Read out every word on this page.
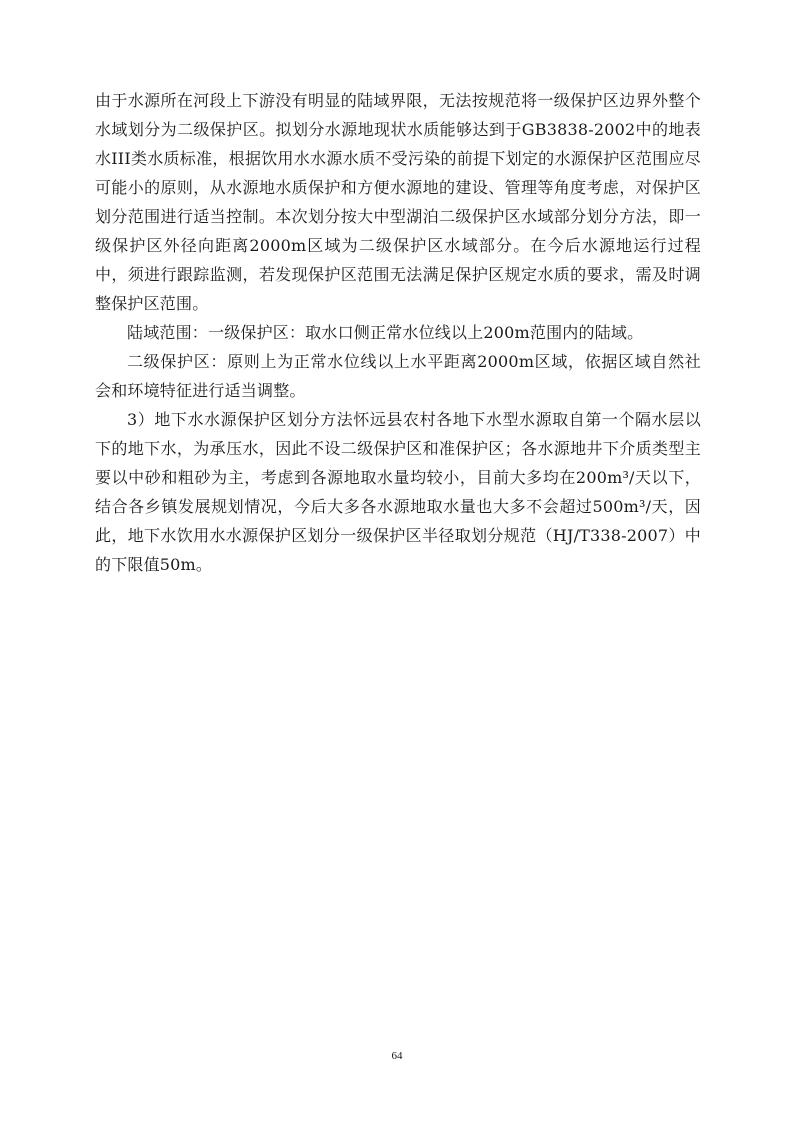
由于水源所在河段上下游没有明显的陆域界限，无法按规范将一级保护区边界外整个水域划分为二级保护区。拟划分水源地现状水质能够达到于GB3838-2002中的地表水III类水质标准，根据饮用水水源水质不受污染的前提下划定的水源保护区范围应尽可能小的原则，从水源地水质保护和方便水源地的建设、管理等角度考虑，对保护区划分范围进行适当控制。本次划分按大中型湖泊二级保护区水域部分划分方法，即一级保护区外径向距离2000m区域为二级保护区水域部分。在今后水源地运行过程中，须进行跟踪监测，若发现保护区范围无法满足保护区规定水质的要求，需及时调整保护区范围。

陆域范围：一级保护区：取水口侧正常水位线以上200m范围内的陆域。

二级保护区：原则上为正常水位线以上水平距离2000m区域，依据区域自然社会和环境特征进行适当调整。

3）地下水水源保护区划分方法怀远县农村各地下水型水源取自第一个隔水层以下的地下水，为承压水，因此不设二级保护区和准保护区；各水源地井下介质类型主要以中砂和粗砂为主，考虑到各源地取水量均较小，目前大多均在200m³/天以下，结合各乡镇发展规划情况，今后大多各水源地取水量也大多不会超过500m³/天，因此，地下水饮用水水源保护区划分一级保护区半径取划分规范（HJ/T338-2007）中的下限值50m。

64
